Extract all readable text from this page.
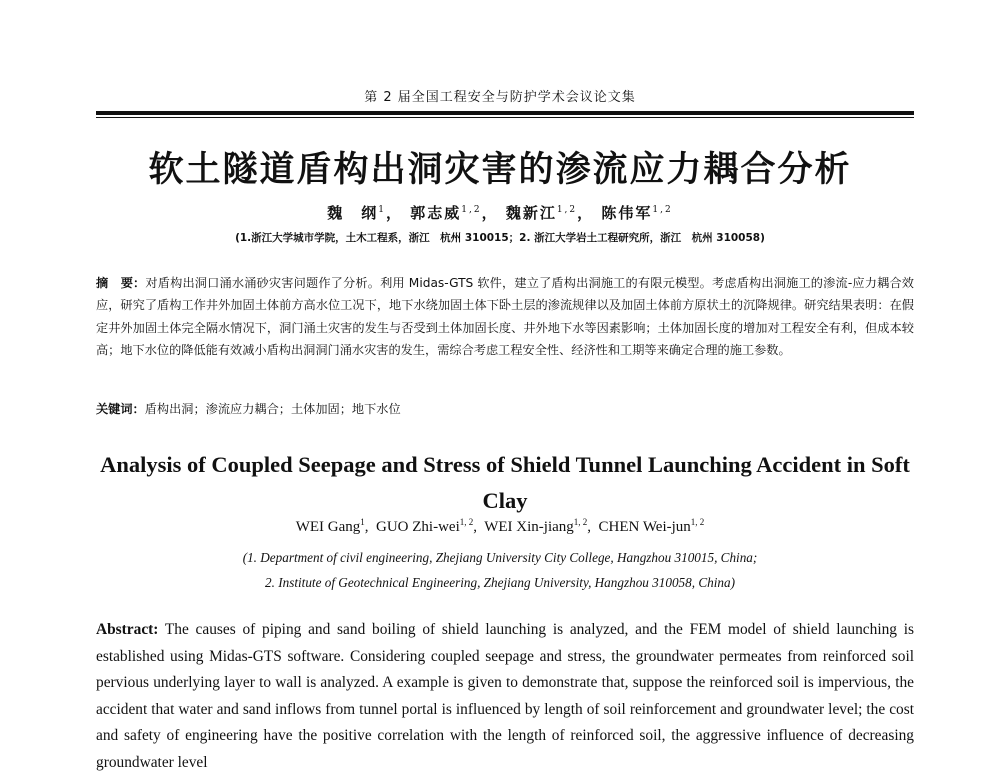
第 2 届全国工程安全与防护学术会议论文集
软土隧道盾构出洞灾害的渗流应力耦合分析
魏　纲$^1$， 郭志威$^{1,2}$， 魏新江$^{1,2}$， 陈伟军$^{1,2}$
(1.浙江大学城市学院，土木工程系，浙江　杭州 310015；2. 浙江大学岩土工程研究所，浙江　杭州 310058)
摘　要：对盾构出洞口涌水涌砂灾害问题作了分析。利用 Midas-GTS 软件，建立了盾构出洞施工的有限元模型。考虑盾构出洞施工的渗流-应力耦合效应，研究了盾构工作井外加固土体前方高水位工况下，地下水绕加固土体下卧土层的渗流规律以及加固土体前方原状土的沉降规律。研究结果表明：在假定井外加固土体完全隔水情况下，洞门涌土灾害的发生与否受到土体加固长度、井外地下水等因素影响；土体加固长度的增加对工程安全有利，但成本较高；地下水位的降低能有效减小盾构出洞洞门涌水灾害的发生，需综合考虑工程安全性、经济性和工期等来确定合理的施工参数。
关键词：盾构出洞；渗流应力耦合；土体加固；地下水位
Analysis of Coupled Seepage and Stress of Shield Tunnel Launching Accident in Soft Clay
WEI Gang$^1$,  GUO Zhi-wei$^{1, 2}$,  WEI Xin-jiang$^{1, 2}$,  CHEN Wei-jun$^{1, 2}$
(1. Department of civil engineering, Zhejiang University City College, Hangzhou 310015, China;
2. Institute of Geotechnical Engineering, Zhejiang University, Hangzhou 310058, China)
Abstract: The causes of piping and sand boiling of shield launching is analyzed, and the FEM model of shield launching is established using Midas-GTS software. Considering coupled seepage and stress, the groundwater permeates from reinforced soil pervious underlying layer to wall is analyzed. A example is given to demonstrate that, suppose the reinforced soil is impervious, the accident that water and sand inflows from tunnel portal is influenced by length of soil reinforcement and groundwater level; the cost and safety of engineering have the positive correlation with the length of reinforced soil, the aggressive influence of decreasing groundwater level
